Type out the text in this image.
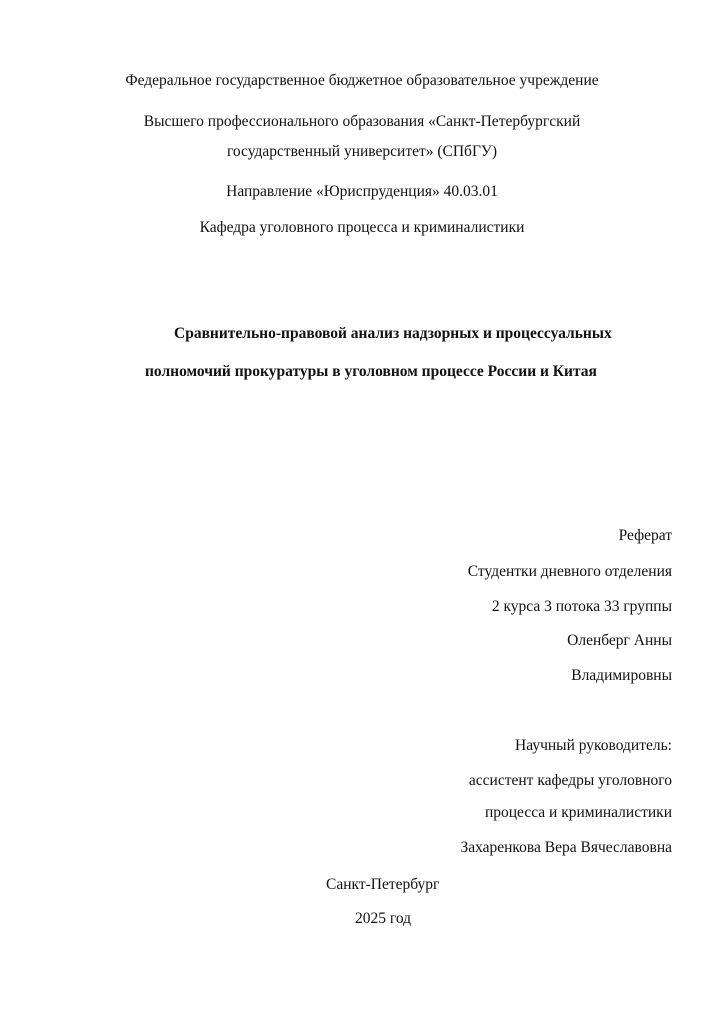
Федеральное государственное бюджетное образовательное учреждение
Высшего профессионального образования «Санкт-Петербургский
государственный университет» (СПбГУ)
Направление «Юриспруденция» 40.03.01
Кафедра уголовного процесса и криминалистики
Сравнительно-правовой анализ надзорных и процессуальных
полномочий прокуратуры в уголовном процессе России и Китая
Реферат
Студентки дневного отделения
2 курса 3 потока 33 группы
Оленберг Анны
Владимировны
Научный руководитель:
ассистент кафедры уголовного
процесса и криминалистики
Захаренкова Вера Вячеславовна
Санкт-Петербург
2025 год
